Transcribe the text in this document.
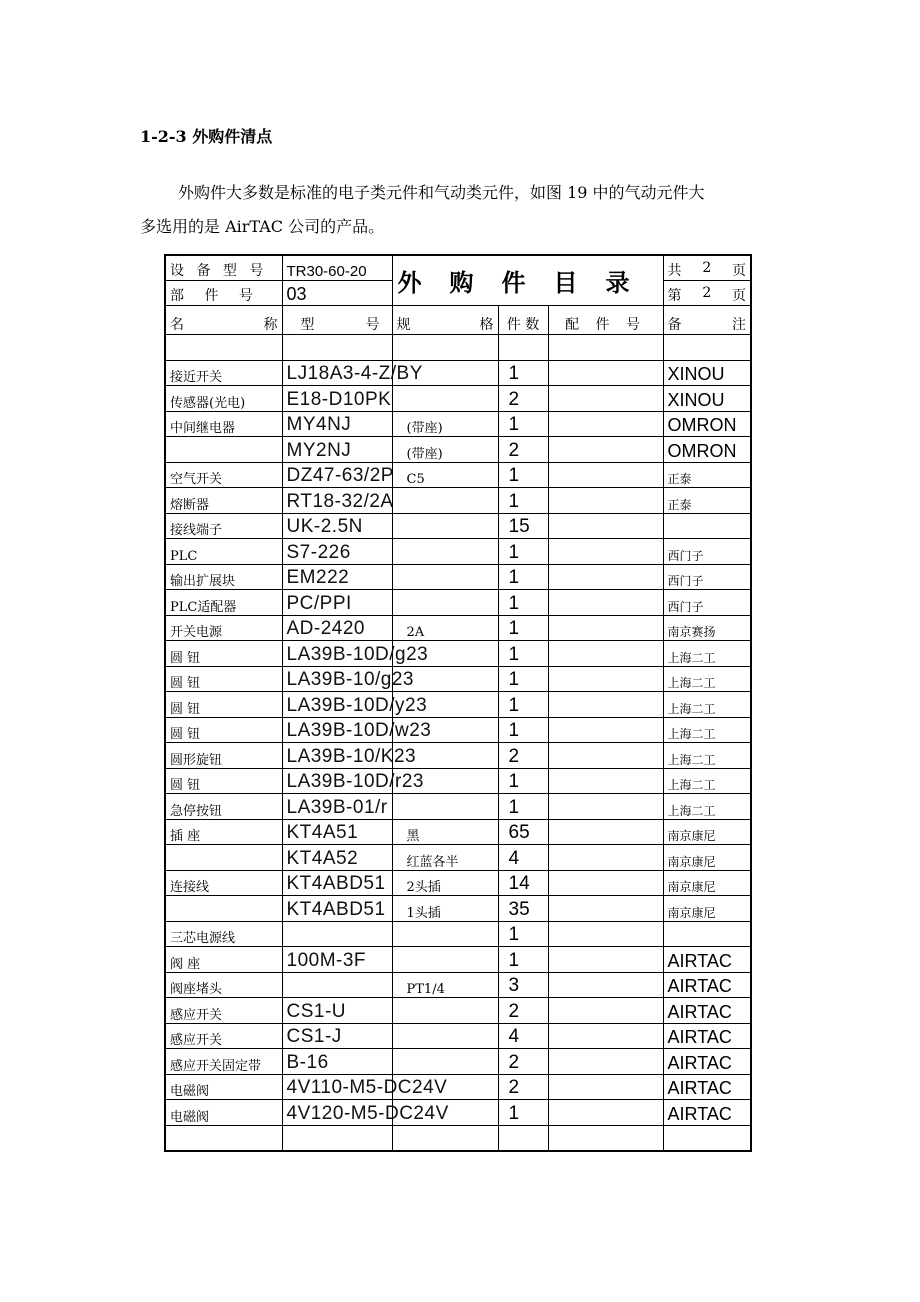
1-2-3 外购件清点
外购件大多数是标准的电子类元件和气动类元件，如图 19 中的气动元件大
多选用的是 AirTAC 公司的产品。
设 备 型 号	TR30-60-20	外购件目录			共 2 页

部 件 号	03				第 2 页

名 称	型 号	规 格	件 数	配 件 号	备 注

接近开关	LJ18A3-4-Z/BY		1		XINOU
传感器(光电)	E18-D10PK		2		XINOU
中间继电器	MY4NJ	(带座)	1		OMRON
	MY2NJ	(带座)	2		OMRON
空气开关	DZ47-63/2P	C5	1		正泰
熔断器	RT18-32/2A		1		正泰
接线端子	UK-2.5N		15		
PLC	S7-226		1		西门子
输出扩展块	EM222		1		西门子
PLC适配器	PC/PPI		1		西门子
开关电源	AD-2420	2A	1		南京赛扬
圆 钮	LA39B-10D/g23		1		上海二工
圆 钮	LA39B-10/g23		1		上海二工
圆 钮	LA39B-10D/y23		1		上海二工
圆 钮	LA39B-10D/w23		1		上海二工
圆形旋钮	LA39B-10/K23		2		上海二工
圆 钮	LA39B-10D/r23		1		上海二工
急停按钮	LA39B-01/r		1		上海二工
插 座	KT4A51	黑	65		南京康尼
	KT4A52	红蓝各半	4		南京康尼
连接线	KT4ABD51	2头插	14		南京康尼
	KT4ABD51	1头插	35		南京康尼
三芯电源线			1		
阀 座	100M-3F		1		AIRTAC
阀座堵头		PT1/4	3		AIRTAC
感应开关	CS1-U		2		AIRTAC
感应开关	CS1-J		4		AIRTAC
感应开关固定带	B-16		2		AIRTAC
电磁阀	4V110-M5-DC24V		2		AIRTAC
电磁阀	4V120-M5-DC24V		1		AIRTAC
